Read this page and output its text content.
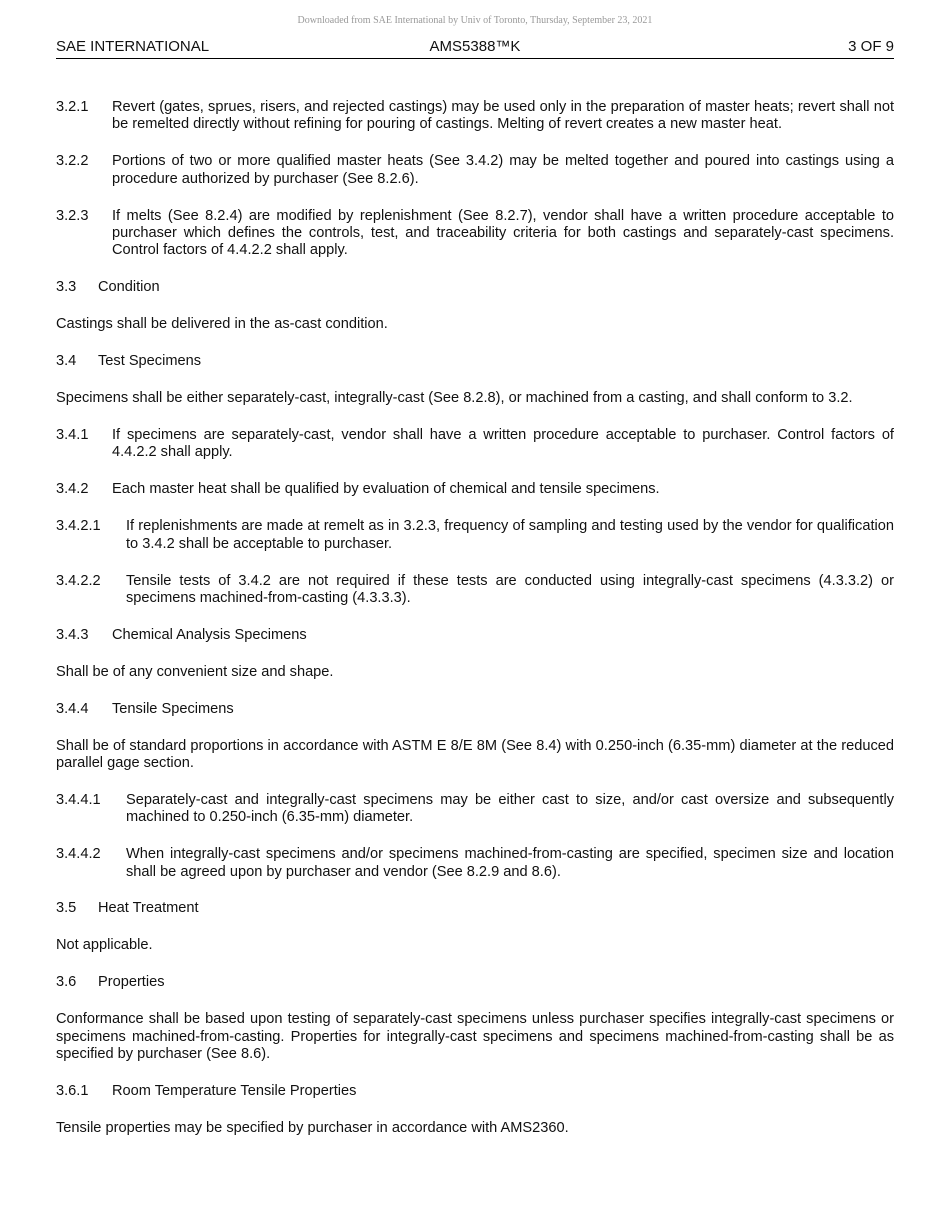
Downloaded from SAE International by Univ of Toronto, Thursday, September 23, 2021
SAE INTERNATIONAL	AMS5388™K	3 OF 9
3.2.1 Revert (gates, sprues, risers, and rejected castings) may be used only in the preparation of master heats; revert shall not be remelted directly without refining for pouring of castings. Melting of revert creates a new master heat.
3.2.2 Portions of two or more qualified master heats (See 3.4.2) may be melted together and poured into castings using a procedure authorized by purchaser (See 8.2.6).
3.2.3 If melts (See 8.2.4) are modified by replenishment (See 8.2.7), vendor shall have a written procedure acceptable to purchaser which defines the controls, test, and traceability criteria for both castings and separately-cast specimens. Control factors of 4.4.2.2 shall apply.
3.3 Condition

Castings shall be delivered in the as-cast condition.

3.4 Test Specimens

Specimens shall be either separately-cast, integrally-cast (See 8.2.8), or machined from a casting, and shall conform to 3.2.

3.4.1 If specimens are separately-cast, vendor shall have a written procedure acceptable to purchaser. Control factors of 4.4.2.2 shall apply.
3.4.2 Each master heat shall be qualified by evaluation of chemical and tensile specimens.
3.4.2.1 If replenishments are made at remelt as in 3.2.3, frequency of sampling and testing used by the vendor for qualification to 3.4.2 shall be acceptable to purchaser.
3.4.2.2 Tensile tests of 3.4.2 are not required if these tests are conducted using integrally-cast specimens (4.3.3.2) or specimens machined-from-casting (4.3.3.3).
3.4.3 Chemical Analysis Specimens

Shall be of any convenient size and shape.

3.4.4 Tensile Specimens

Shall be of standard proportions in accordance with ASTM E 8/E 8M (See 8.4) with 0.250-inch (6.35-mm) diameter at the reduced parallel gage section.

3.4.4.1 Separately-cast and integrally-cast specimens may be either cast to size, and/or cast oversize and subsequently machined to 0.250-inch (6.35-mm) diameter.
3.4.4.2 When integrally-cast specimens and/or specimens machined-from-casting are specified, specimen size and location shall be agreed upon by purchaser and vendor (See 8.2.9 and 8.6).
3.5 Heat Treatment

Not applicable.

3.6 Properties

Conformance shall be based upon testing of separately-cast specimens unless purchaser specifies integrally-cast specimens or specimens machined-from-casting. Properties for integrally-cast specimens and specimens machined-from-casting shall be as specified by purchaser (See 8.6).

3.6.1 Room Temperature Tensile Properties

Tensile properties may be specified by purchaser in accordance with AMS2360.
